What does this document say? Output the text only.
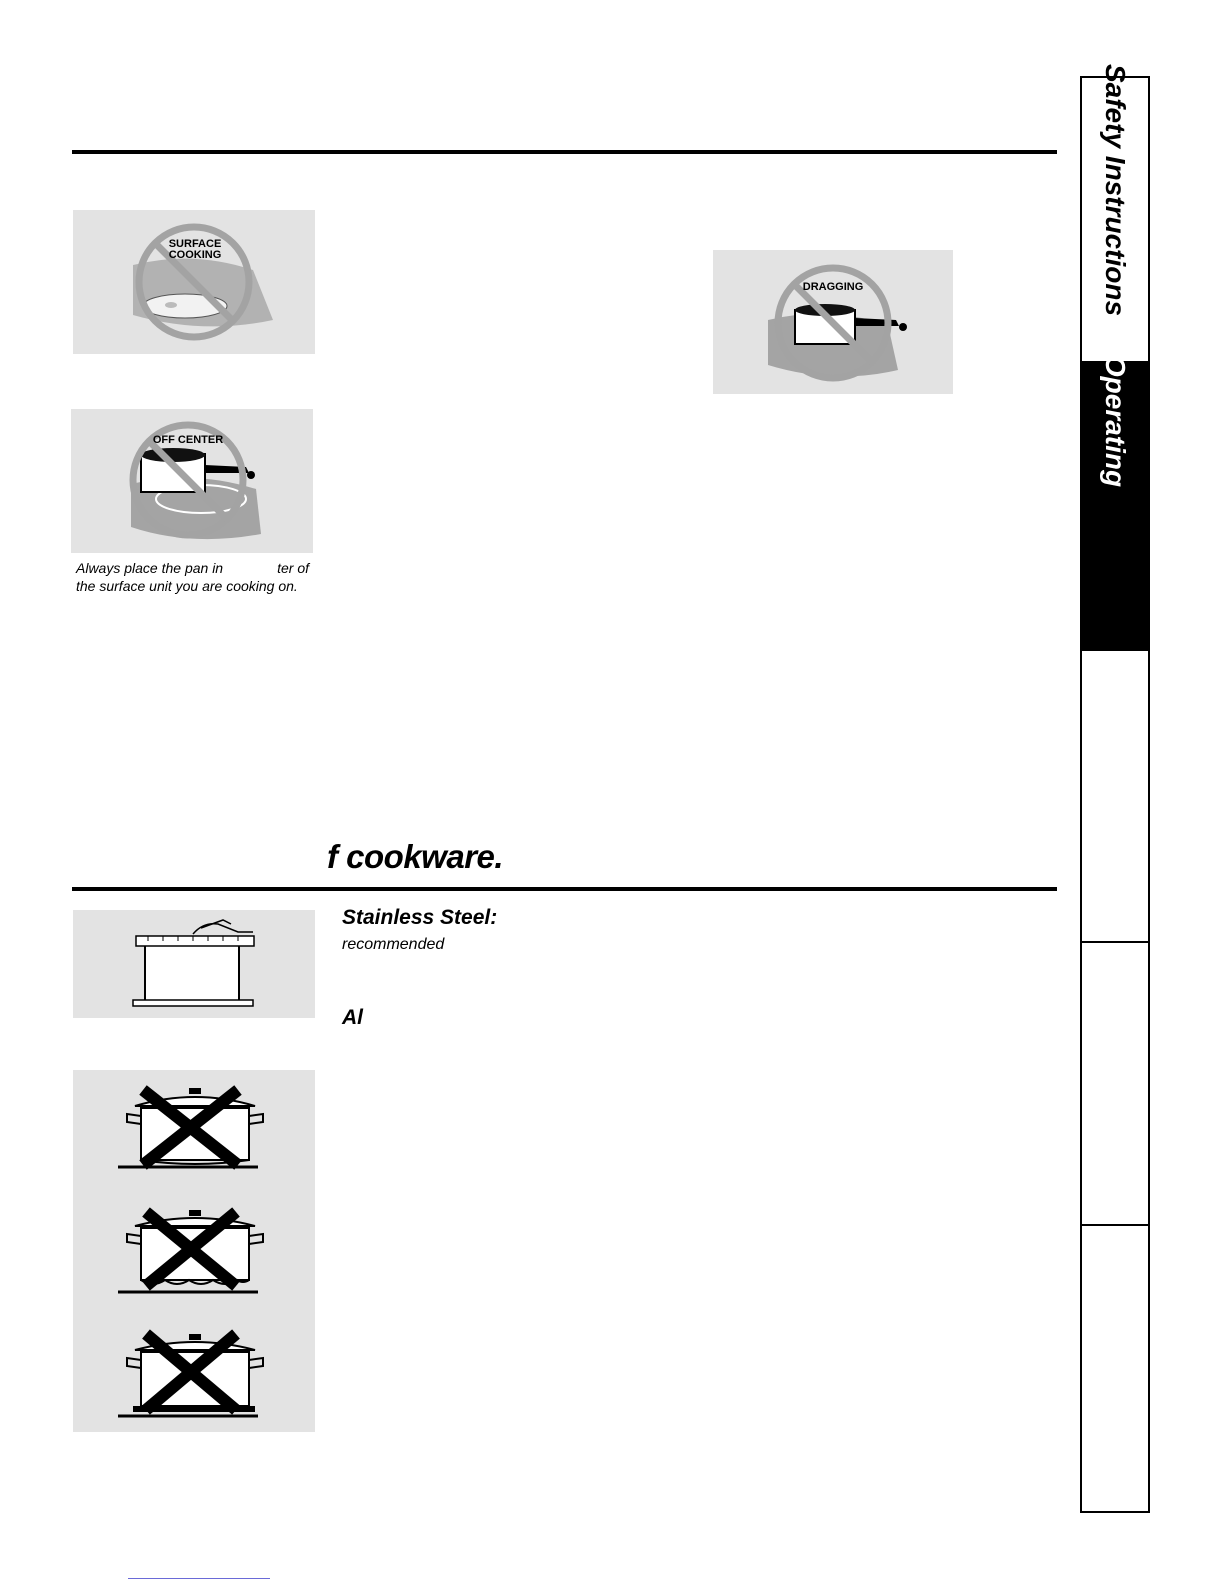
SURFACE
COOKING
DRAGGING
OFF CENTER
Always place the pan in	ter of
the surface unit you are cooking on.
f cookware.
Stainless Steel:
recommended
Al
Safety Instructions
Operating
